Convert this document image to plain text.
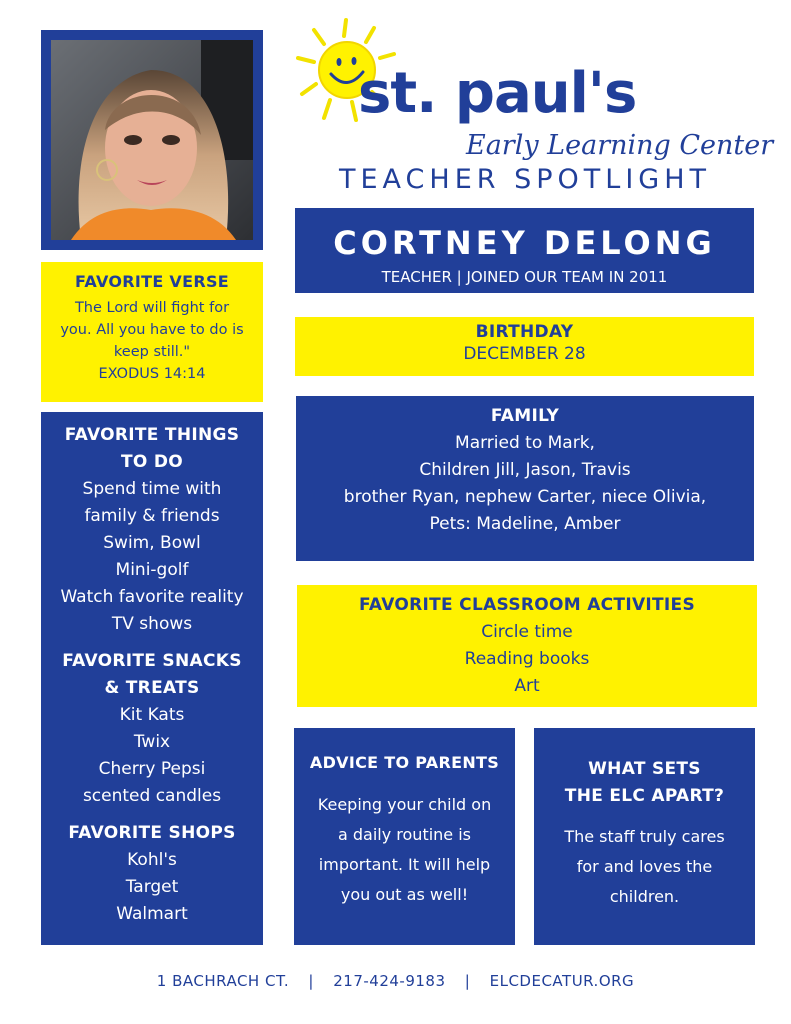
st. paul's
Early Learning Center
TEACHER SPOTLIGHT
CORTNEY DELONG
TEACHER | JOINED OUR TEAM IN 2011
FAVORITE VERSE
The Lord will fight for
you. All you have to do is
keep still."
EXODUS 14:14
BIRTHDAY
DECEMBER 28
FAVORITE THINGS
TO DO
Spend time with
family & friends
Swim, Bowl
Mini-golf
Watch favorite reality
TV shows
FAVORITE SNACKS
& TREATS
Kit Kats
Twix
Cherry Pepsi
scented candles
FAVORITE SHOPS
Kohl's
Target
Walmart
FAMILY
Married to Mark,
Children Jill, Jason, Travis
brother Ryan, nephew Carter, niece Olivia,
Pets: Madeline, Amber
FAVORITE CLASSROOM ACTIVITIES
Circle time
Reading books
Art
ADVICE TO PARENTS
Keeping your child on
a daily routine is
important. It will help
you out as well!
WHAT SETS
THE ELC APART?
The staff truly cares
for and loves the
children.
1 BACHRACH CT. | 217-424-9183 | ELCDECATUR.ORG
